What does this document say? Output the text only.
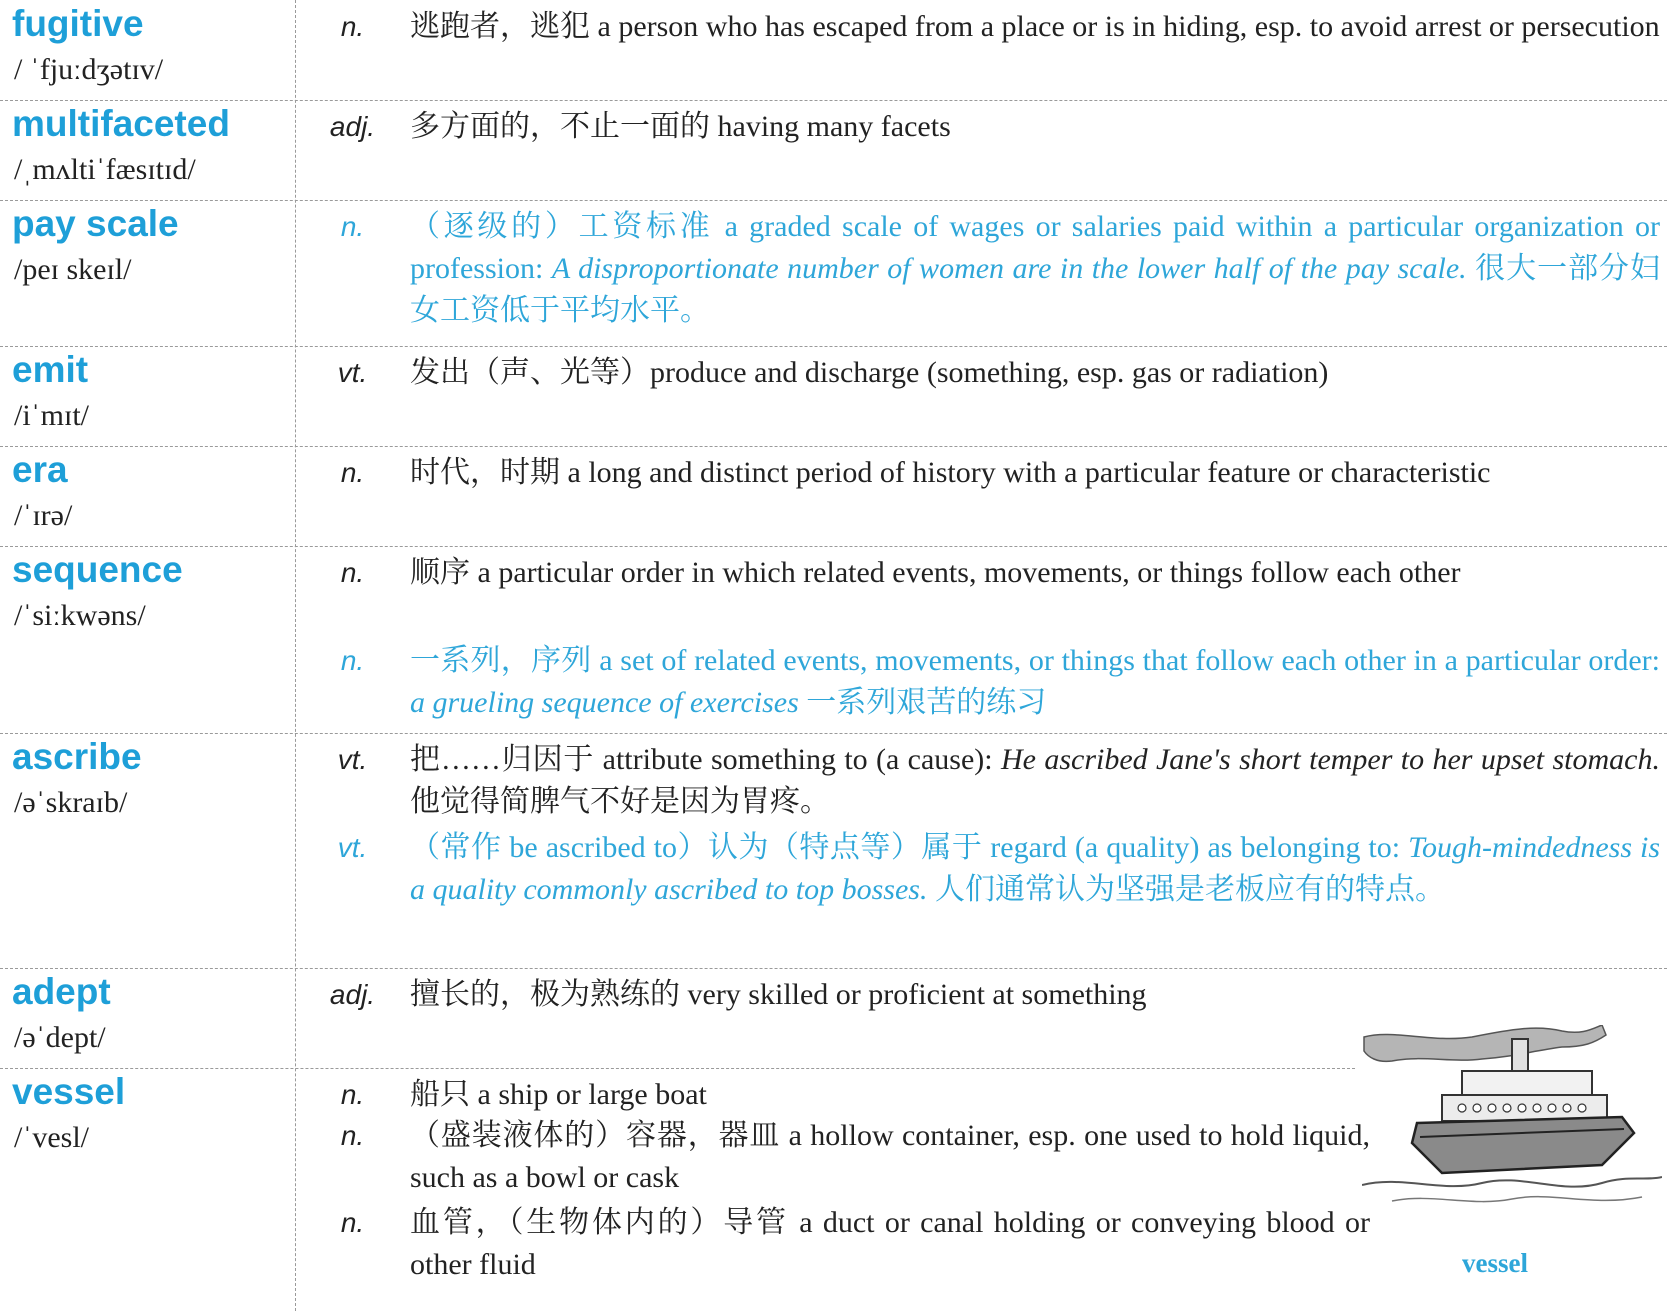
fugitive
/ ˈfjuːdʒətɪv/
n.	逃跑者，逃犯 a person who has escaped from a place or is in hiding, esp. to avoid arrest or persecution
multifaceted
/ˌmʌltiˈfæsɪtɪd/
adj.	多方面的，不止一面的 having many facets
pay scale
/peɪ skeɪl/
n.	（逐级的）工资标准 a graded scale of wages or salaries paid within a particular organization or profession: A disproportionate number of women are in the lower half of the pay scale. 很大一部分妇女工资低于平均水平。
emit
/iˈmɪt/
vt.	发出（声、光等）produce and discharge (something, esp. gas or radiation)
era
/ˈɪrə/
n.	时代，时期 a long and distinct period of history with a particular feature or characteristic
sequence
/ˈsiːkwəns/
n.	顺序 a particular order in which related events, movements, or things follow each other
n.	一系列，序列 a set of related events, movements, or things that follow each other in a particular order: a grueling sequence of exercises 一系列艰苦的练习
ascribe
/əˈskraɪb/
vt.	把……归因于 attribute something to (a cause): He ascribed Jane's short temper to her upset stomach. 他觉得简脾气不好是因为胃疼。
vt.	（常作 be ascribed to）认为（特点等）属于 regard (a quality) as belonging to: Tough-mindedness is a quality commonly ascribed to top bosses. 人们通常认为坚强是老板应有的特点。
adept
/əˈdept/
adj.	擅长的，极为熟练的 very skilled or proficient at something
vessel
/ˈvesl/
n.	船只 a ship or large boat
n.	（盛装液体的）容器，器皿 a hollow container, esp. one used to hold liquid, such as a bowl or cask
n.	血管，（生物体内的）导管 a duct or canal holding or conveying blood or other fluid	vessel
